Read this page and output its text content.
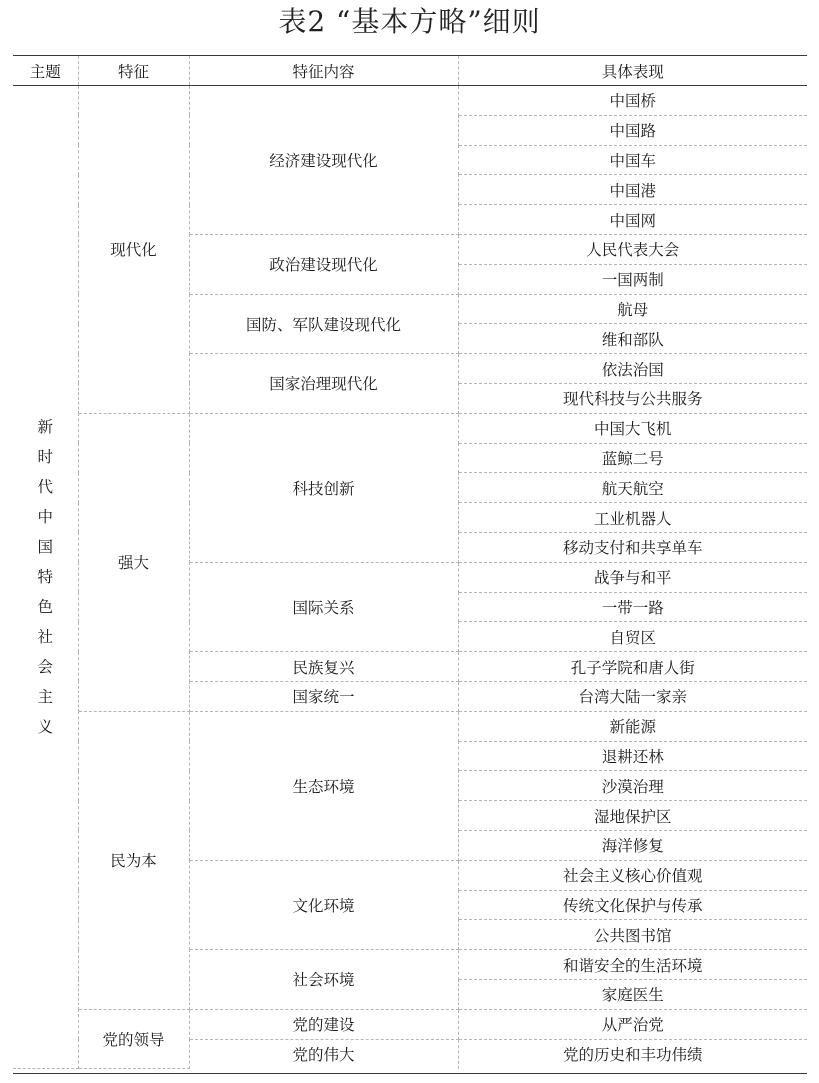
表2 “基本方略”细则
主题	特征	特征内容	具体表现
新时代中国特色社会主义	现代化	经济建设现代化	中国桥
			中国路
			中国车
			中国港
			中国网
		政治建设现代化	人民代表大会
			一国两制
		国防、军队建设现代化	航母
			维和部队
		国家治理现代化	依法治国
			现代科技与公共服务
	强大	科技创新	中国大飞机
			蓝鲸二号
			航天航空
			工业机器人
			移动支付和共享单车
		国际关系	战争与和平
			一带一路
			自贸区
		民族复兴	孔子学院和唐人街
		国家统一	台湾大陆一家亲
	民为本	生态环境	新能源
			退耕还林
			沙漠治理
			湿地保护区
			海洋修复
		文化环境	社会主义核心价值观
			传统文化保护与传承
			公共图书馆
		社会环境	和谐安全的生活环境
			家庭医生
	党的领导	党的建设	从严治党
		党的伟大	党的历史和丰功伟绩
